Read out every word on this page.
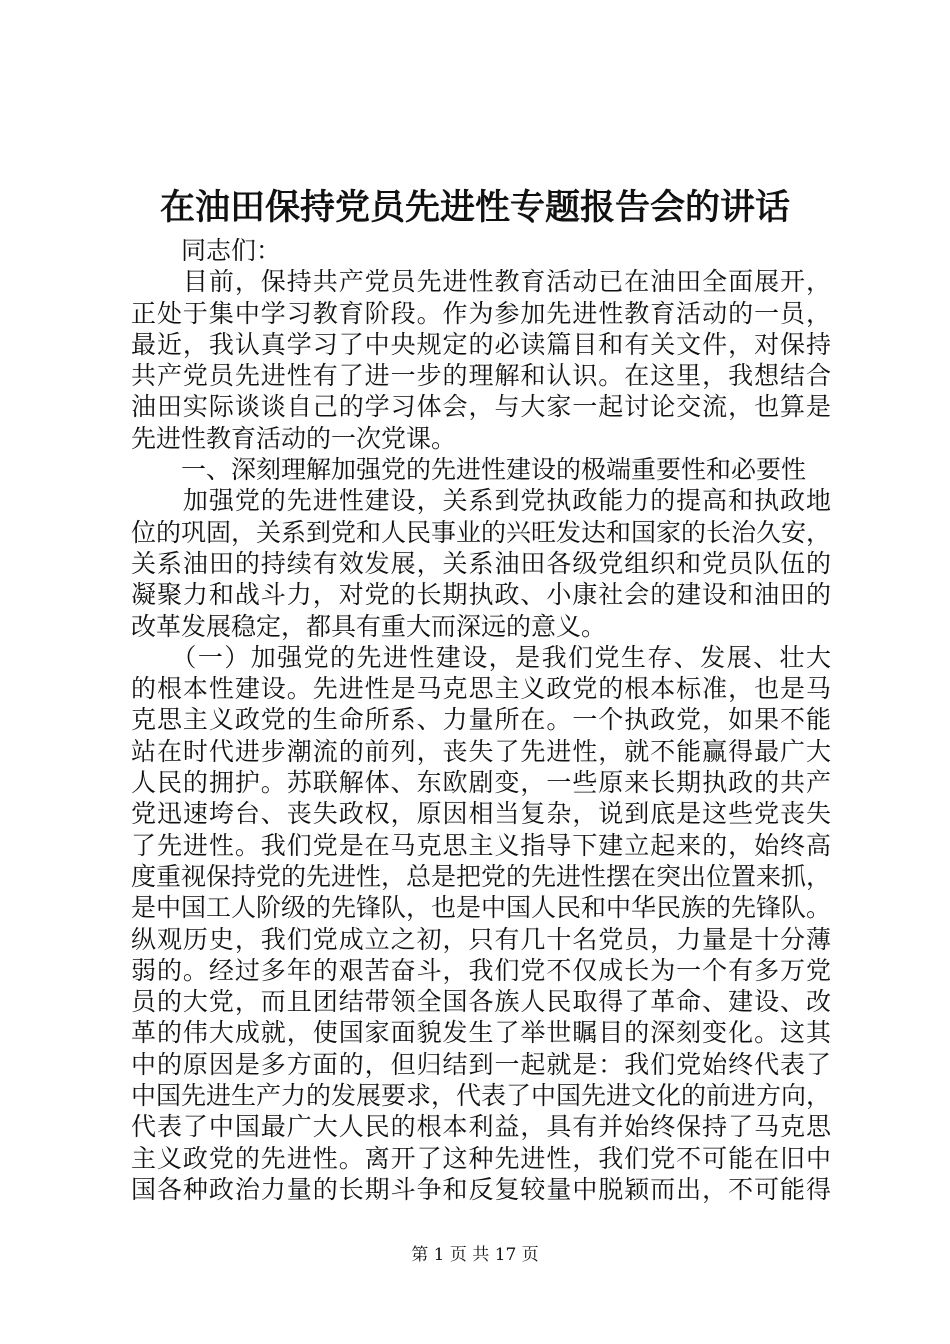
在油田保持党员先进性专题报告会的讲话
　　同志们：
　　目前，保持共产党员先进性教育活动已在油田全面展开，
正处于集中学习教育阶段。作为参加先进性教育活动的一员，
最近，我认真学习了中央规定的必读篇目和有关文件，对保持
共产党员先进性有了进一步的理解和认识。在这里，我想结合
油田实际谈谈自己的学习体会，与大家一起讨论交流，也算是
先进性教育活动的一次党课。
　　一、深刻理解加强党的先进性建设的极端重要性和必要性
　　加强党的先进性建设，关系到党执政能力的提高和执政地
位的巩固，关系到党和人民事业的兴旺发达和国家的长治久安，
关系油田的持续有效发展，关系油田各级党组织和党员队伍的
凝聚力和战斗力，对党的长期执政、小康社会的建设和油田的
改革发展稳定，都具有重大而深远的意义。
　　（一）加强党的先进性建设，是我们党生存、发展、壮大
的根本性建设。先进性是马克思主义政党的根本标准，也是马
克思主义政党的生命所系、力量所在。一个执政党，如果不能
站在时代进步潮流的前列，丧失了先进性，就不能赢得最广大
人民的拥护。苏联解体、东欧剧变，一些原来长期执政的共产
党迅速垮台、丧失政权，原因相当复杂，说到底是这些党丧失
了先进性。我们党是在马克思主义指导下建立起来的，始终高
度重视保持党的先进性，总是把党的先进性摆在突出位置来抓，
是中国工人阶级的先锋队，也是中国人民和中华民族的先锋队。
纵观历史，我们党成立之初，只有几十名党员，力量是十分薄
弱的。经过多年的艰苦奋斗，我们党不仅成长为一个有多万党
员的大党，而且团结带领全国各族人民取得了革命、建设、改
革的伟大成就，使国家面貌发生了举世瞩目的深刻变化。这其
中的原因是多方面的，但归结到一起就是：我们党始终代表了
中国先进生产力的发展要求，代表了中国先进文化的前进方向，
代表了中国最广大人民的根本利益，具有并始终保持了马克思
主义政党的先进性。离开了这种先进性，我们党不可能在旧中
国各种政治力量的长期斗争和反复较量中脱颖而出，不可能得
第 1 页 共 17 页
